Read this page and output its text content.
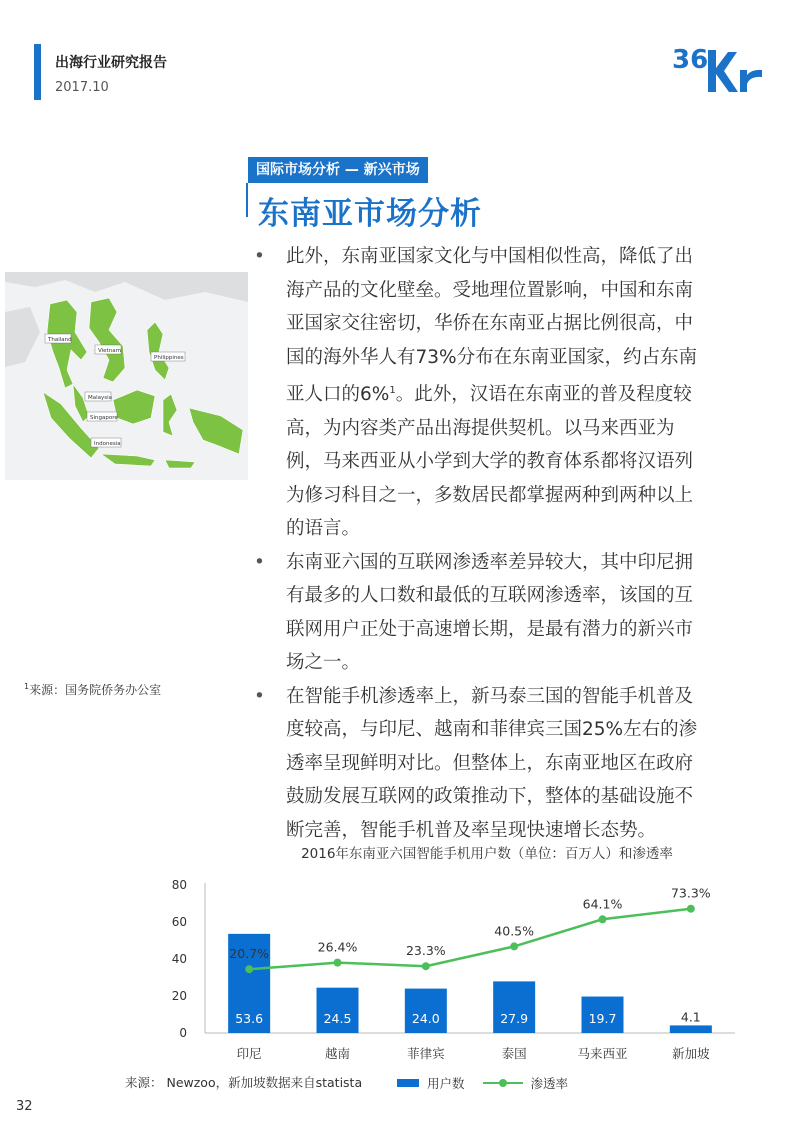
出海行业研究报告
2017.10
36
国际市场分析 — 新兴市场
东南亚市场分析
Thailand
Vietnam
Philippines
Malaysia
Singapore
Indonesia
$^1$来源：国务院侨务办公室
• 此外，东南亚国家文化与中国相似性高，降低了出海产品的文化壁垒。受地理位置影响，中国和东南亚国家交往密切，华侨在东南亚占据比例很高，中国的海外华人有73%分布在东南亚国家，约占东南亚人口的6%$^1$。此外，汉语在东南亚的普及程度较高，为内容类产品出海提供契机。以马来西亚为例，马来西亚从小学到大学的教育体系都将汉语列为修习科目之一，多数居民都掌握两种到两种以上的语言。
• 东南亚六国的互联网渗透率差异较大，其中印尼拥有最多的人口数和最低的互联网渗透率，该国的互联网用户正处于高速增长期，是最有潜力的新兴市场之一。
• 在智能手机渗透率上，新马泰三国的智能手机普及度较高，与印尼、越南和菲律宾三国25%左右的渗透率呈现鲜明对比。但整体上，东南亚地区在政府鼓励发展互联网的政策推动下，整体的基础设施不断完善，智能手机普及率呈现快速增长态势。
2016年东南亚六国智能手机用户数（单位：百万人）和渗透率
0
20
40
60
80
53.6	24.5	24.0	27.9	19.7	4.1
印尼	越南	菲律宾	泰国	马来西亚	新加坡
20.7%	26.4%	23.3%
40.5%
64.1%
73.3%
来源： Newzoo，新加坡数据来自statista	用户数	渗透率
32
